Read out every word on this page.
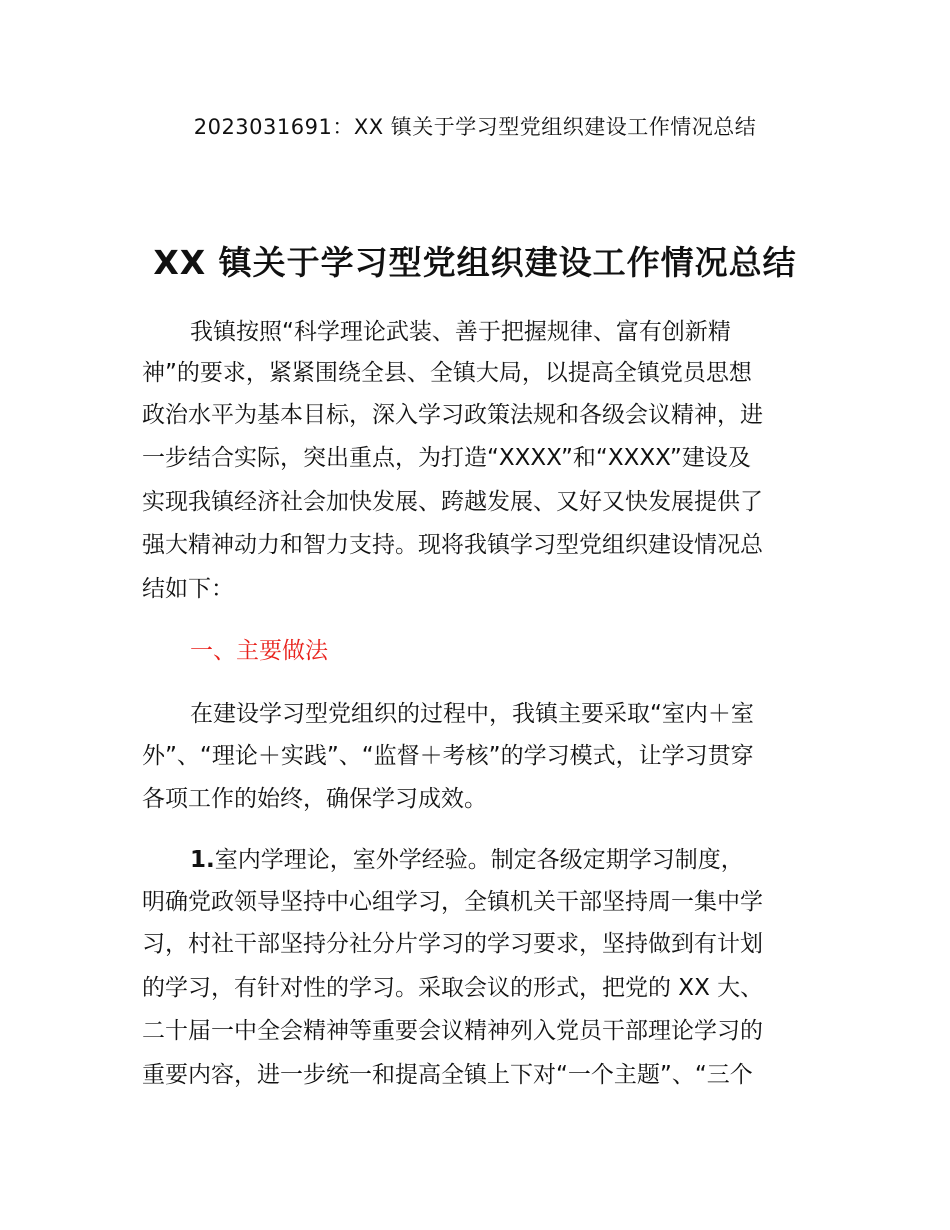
2023031691：XX 镇关于学习型党组织建设工作情况总结
XX 镇关于学习型党组织建设工作情况总结
我镇按照“科学理论武装、善于把握规律、富有创新精
神”的要求，紧紧围绕全县、全镇大局，以提高全镇党员思想
政治水平为基本目标，深入学习政策法规和各级会议精神，进
一步结合实际，突出重点，为打造“XXXX”和“XXXX”建设及
实现我镇经济社会加快发展、跨越发展、又好又快发展提供了
强大精神动力和智力支持。现将我镇学习型党组织建设情况总
结如下：
一、主要做法
在建设学习型党组织的过程中，我镇主要采取“室内＋室
外”、“理论＋实践”、“监督＋考核”的学习模式，让学习贯穿
各项工作的始终，确保学习成效。
1.室内学理论，室外学经验。制定各级定期学习制度，
明确党政领导坚持中心组学习，全镇机关干部坚持周一集中学
习，村社干部坚持分社分片学习的学习要求，坚持做到有计划
的学习，有针对性的学习。采取会议的形式，把党的 XX 大、
二十届一中全会精神等重要会议精神列入党员干部理论学习的
重要内容，进一步统一和提高全镇上下对“一个主题”、“三个
